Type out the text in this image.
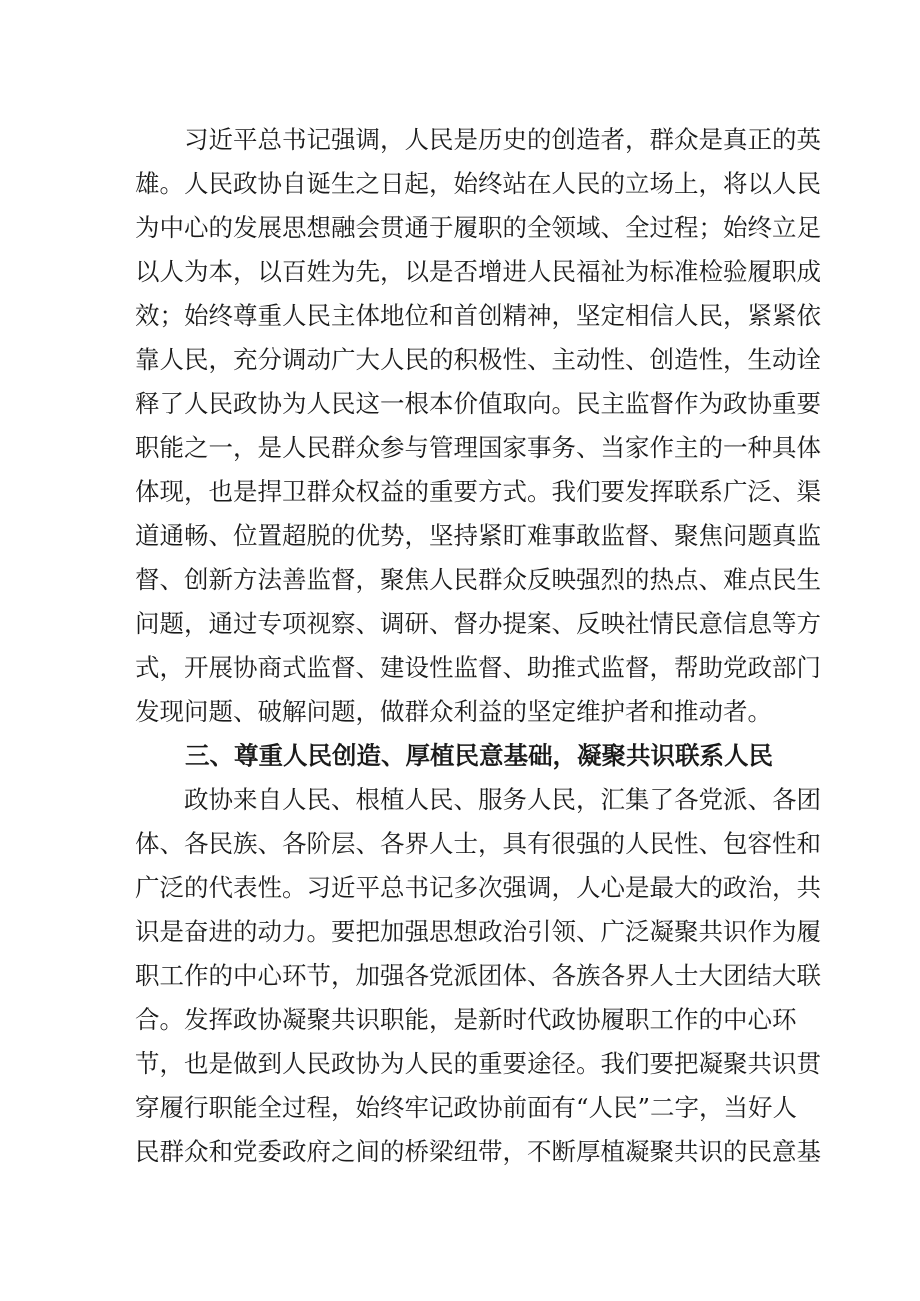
习近平总书记强调，人民是历史的创造者，群众是真正的英
雄。人民政协自诞生之日起，始终站在人民的立场上，将以人民
为中心的发展思想融会贯通于履职的全领域、全过程；始终立足
以人为本，以百姓为先，以是否增进人民福祉为标准检验履职成
效；始终尊重人民主体地位和首创精神，坚定相信人民，紧紧依
靠人民，充分调动广大人民的积极性、主动性、创造性，生动诠
释了人民政协为人民这一根本价值取向。民主监督作为政协重要
职能之一，是人民群众参与管理国家事务、当家作主的一种具体
体现，也是捍卫群众权益的重要方式。我们要发挥联系广泛、渠
道通畅、位置超脱的优势，坚持紧盯难事敢监督、聚焦问题真监
督、创新方法善监督，聚焦人民群众反映强烈的热点、难点民生
问题，通过专项视察、调研、督办提案、反映社情民意信息等方
式，开展协商式监督、建设性监督、助推式监督，帮助党政部门
发现问题、破解问题，做群众利益的坚定维护者和推动者。
三、尊重人民创造、厚植民意基础，凝聚共识联系人民
政协来自人民、根植人民、服务人民，汇集了各党派、各团
体、各民族、各阶层、各界人士，具有很强的人民性、包容性和
广泛的代表性。习近平总书记多次强调，人心是最大的政治，共
识是奋进的动力。要把加强思想政治引领、广泛凝聚共识作为履
职工作的中心环节，加强各党派团体、各族各界人士大团结大联
合。发挥政协凝聚共识职能，是新时代政协履职工作的中心环
节，也是做到人民政协为人民的重要途径。我们要把凝聚共识贯
穿履行职能全过程，始终牢记政协前面有“人民”二字，当好人
民群众和党委政府之间的桥梁纽带，不断厚植凝聚共识的民意基
